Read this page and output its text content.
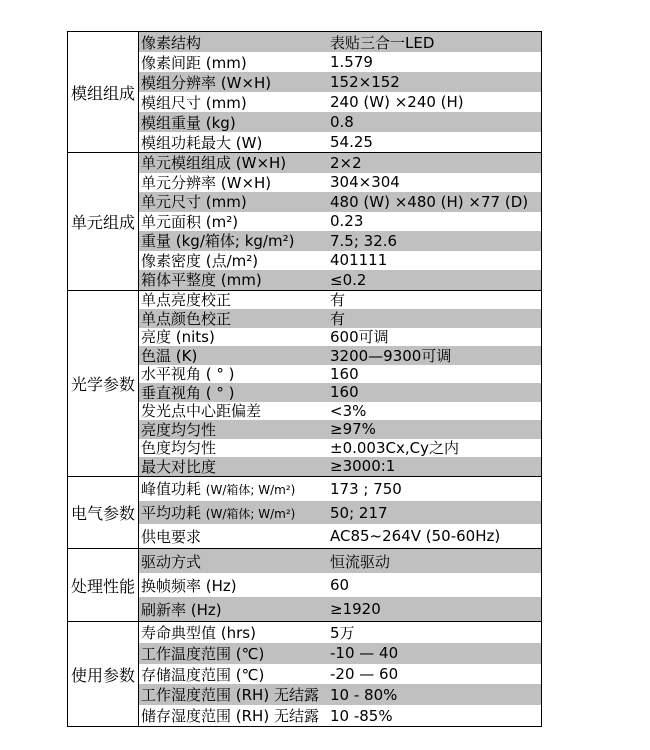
模组组成
像素结构	表贴三合一LED
像素间距 (mm)	1.579
模组分辨率 (W×H)	152×152
模组尺寸 (mm)	240 (W) ×240 (H)
模组重量 (kg)	0.8
模组功耗最大 (W)	54.25
单元组成
单元模组组成 (W×H)	2×2
单元分辨率 (W×H)	304×304
单元尺寸 (mm)	480 (W) ×480 (H) ×77 (D)
单元面积 (m²)	0.23
重量 (kg/箱体; kg/m²)	7.5; 32.6
像素密度 (点/m²)	401111
箱体平整度 (mm)	≤0.2
光学参数
单点亮度校正	有
单点颜色校正	有
亮度 (nits)	600可调
色温 (K)	3200—9300可调
水平视角 ( ° )	160
垂直视角 ( ° )	160
发光点中心距偏差	<3%
亮度均匀性	≥97%
色度均匀性	±0.003Cx,Cy之内
最大对比度	≥3000:1
电气参数
峰值功耗 (W/箱体; W/m²)	173 ; 750
平均功耗 (W/箱体; W/m²)	50; 217
供电要求	AC85~264V (50-60Hz)
处理性能
驱动方式	恒流驱动
换帧频率 (Hz)	60
刷新率 (Hz)	≥1920
使用参数
寿命典型值 (hrs)	5万
工作温度范围 (℃)	-10 — 40
存储温度范围 (℃)	-20 — 60
工作湿度范围 (RH) 无结露 10 - 80%
储存湿度范围 (RH) 无结露 10 -85%
